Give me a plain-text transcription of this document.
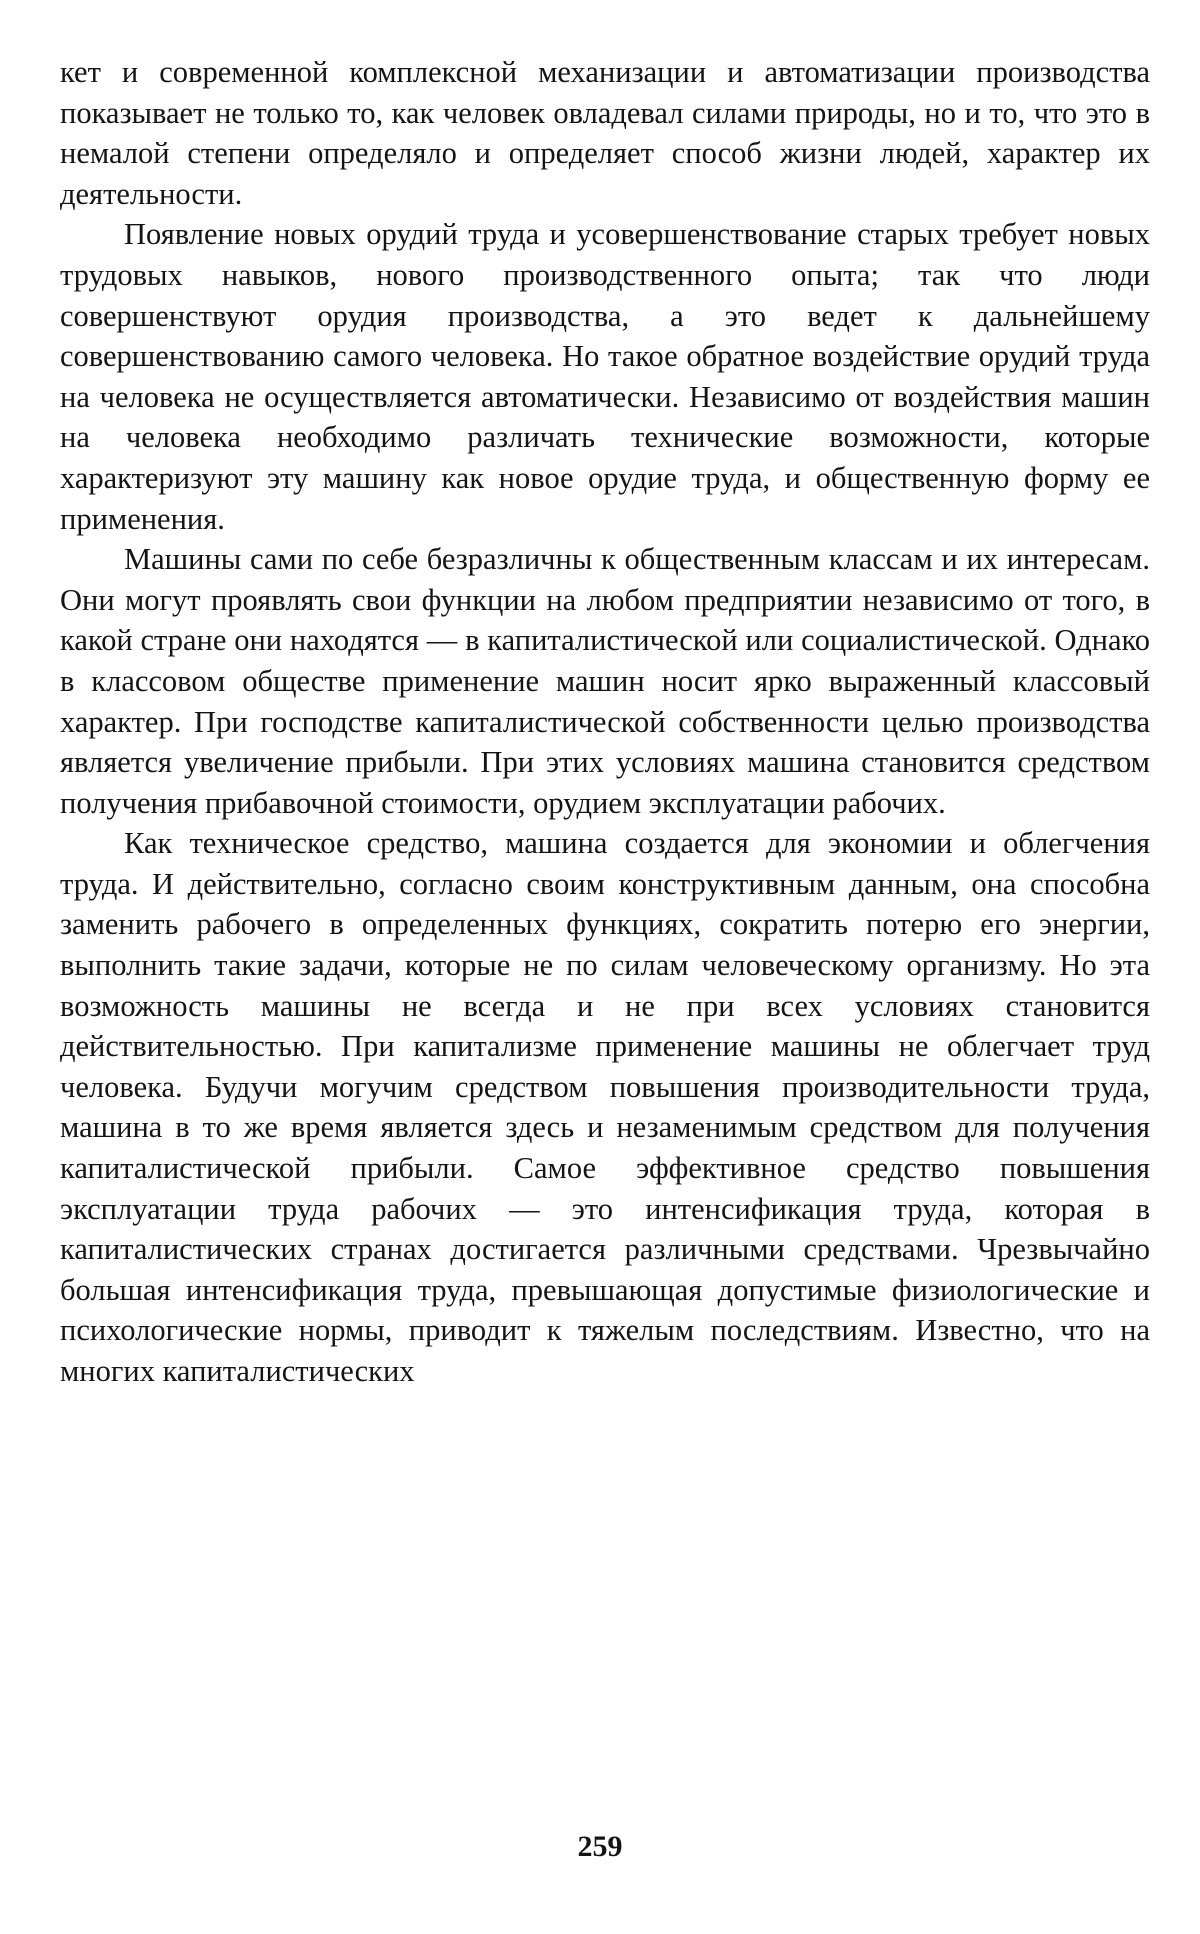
кет и современной комплексной механизации и автоматизации производства показывает не только то, как человек овладевал силами природы, но и то, что это в немалой степени определяло и определяет способ жизни людей, характер их деятельности.

Появление новых орудий труда и усовершенствование старых требует новых трудовых навыков, нового производственного опыта; так что люди совершенствуют орудия производства, а это ведет к дальнейшему совершенствованию самого человека. Но такое обратное воздействие орудий труда на человека не осуществляется автоматически. Независимо от воздействия машин на человека необходимо различать технические возможности, которые характеризуют эту машину как новое орудие труда, и общественную форму ее применения.

Машины сами по себе безразличны к общественным классам и их интересам. Они могут проявлять свои функции на любом предприятии независимо от того, в какой стране они находятся — в капиталистической или социалистической. Однако в классовом обществе применение машин носит ярко выраженный классовый характер. При господстве капиталистической собственности целью производства является увеличение прибыли. При этих условиях машина становится средством получения прибавочной стоимости, орудием эксплуатации рабочих.

Как техническое средство, машина создается для экономии и облегчения труда. И действительно, согласно своим конструктивным данным, она способна заменить рабочего в определенных функциях, сократить потерю его энергии, выполнить такие задачи, которые не по силам человеческому организму. Но эта возможность машины не всегда и не при всех условиях становится действительностью. При капитализме применение машины не облегчает труд человека. Будучи могучим средством повышения производительности труда, машина в то же время является здесь и незаменимым средством для получения капиталистической прибыли. Самое эффективное средство повышения эксплуатации труда рабочих — это интенсификация труда, которая в капиталистических странах достигается различными средствами. Чрезвычайно большая интенсификация труда, превышающая допустимые физиологические и психологические нормы, приводит к тяжелым последствиям. Известно, что на многих капиталистических

259
